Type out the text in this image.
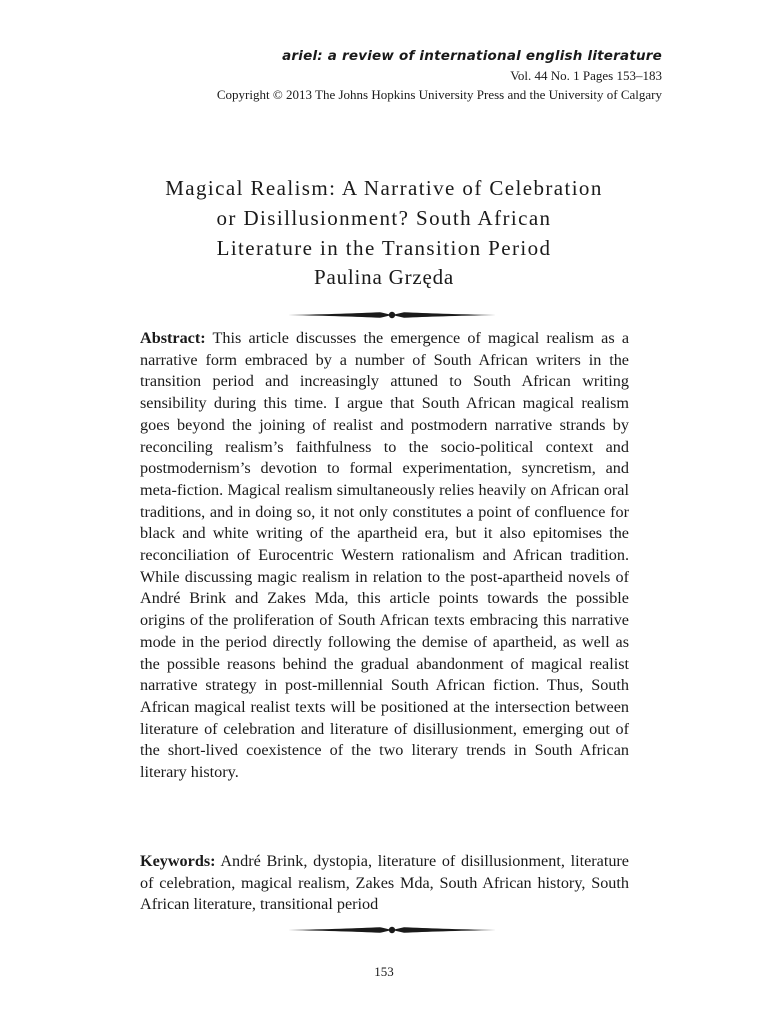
ariel: a review of international english literature
Vol. 44 No. 1 Pages 153–183
Copyright © 2013 The Johns Hopkins University Press and the University of Calgary
Magical Realism: A Narrative of Celebration
or Disillusionment? South African
Literature in the Transition Period
Paulina Grzęda

Abstract: This article discusses the emergence of magical realism as a narrative form embraced by a number of South African writers in the transition period and increasingly attuned to South African writing sensibility during this time. I argue that South African magical realism goes beyond the joining of realist and postmodern narrative strands by reconciling realism’s faithfulness to the socio-political context and postmodernism’s devotion to formal experimentation, syncretism, and meta-fiction. Magical realism simultaneously relies heavily on African oral traditions, and in doing so, it not only constitutes a point of confluence for black and white writing of the apartheid era, but it also epitomises the reconciliation of Eurocentric Western rationalism and African tradition. While discussing magic realism in relation to the post-apartheid novels of André Brink and Zakes Mda, this article points towards the possible origins of the proliferation of South African texts embracing this narrative mode in the period directly following the demise of apartheid, as well as the possible reasons behind the gradual abandonment of magical realist narrative strategy in post-millennial South African fiction. Thus, South African magical realist texts will be positioned at the intersection between literature of celebration and literature of disillusionment, emerging out of the short-lived coexistence of the two literary trends in South African literary history.

Keywords: André Brink, dystopia, literature of disillusionment, literature of celebration, magical realism, Zakes Mda, South African history, South African literature, transitional period

153
